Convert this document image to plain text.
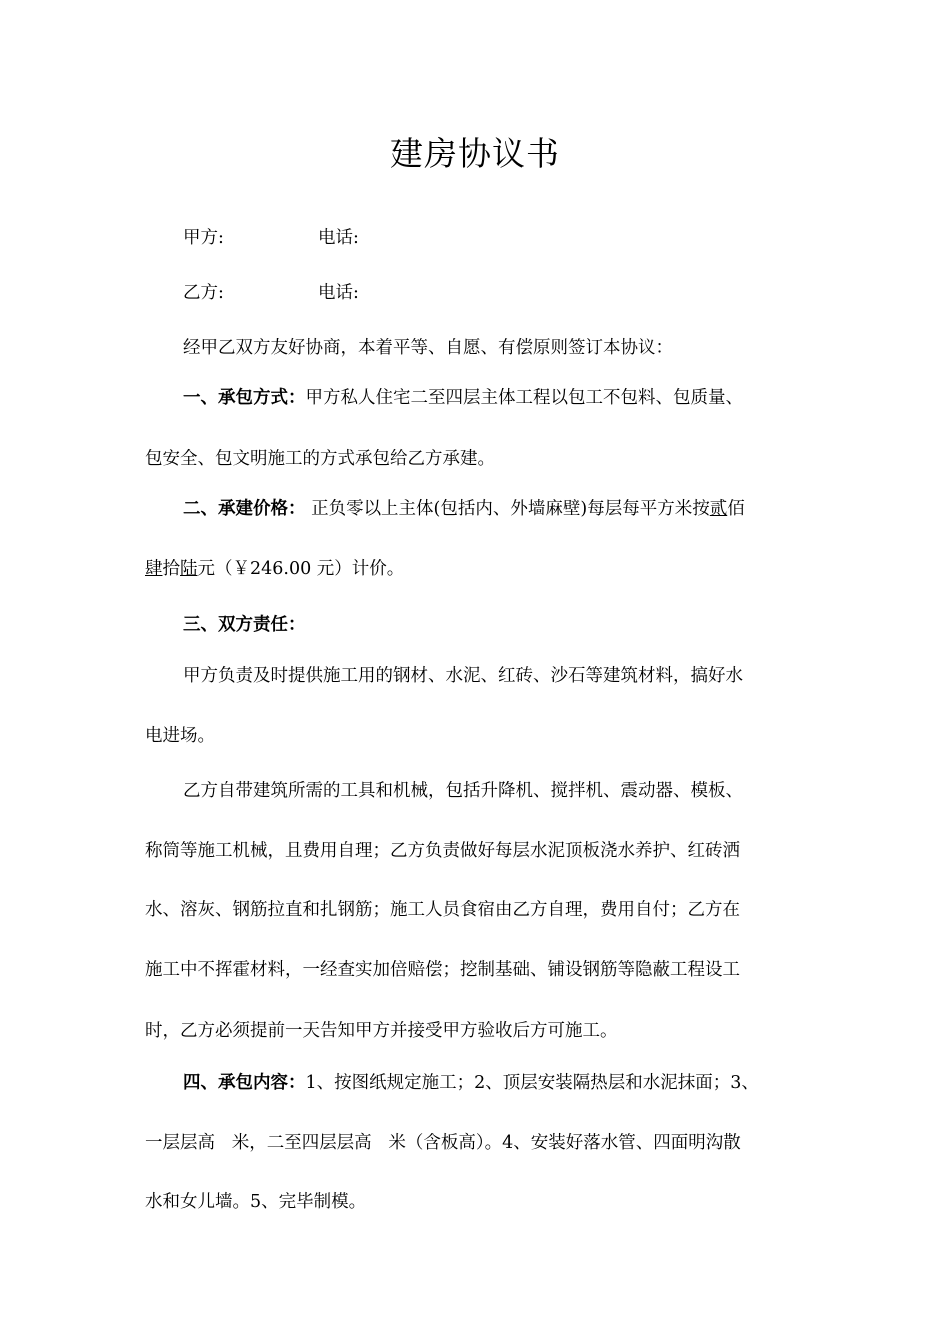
建房协议书
甲方:	电话:
乙方:	电话:
经甲乙双方友好协商，本着平等、自愿、有偿原则签订本协议：
一、承包方式：甲方私人住宅二至四层主体工程以包工不包料、包质量、
包安全、包文明施工的方式承包给乙方承建。
二、承建价格： 正负零以上主体(包括内、外墙麻壁)每层每平方米按贰佰
肆拾陆元（￥246.00 元）计价。
三、双方责任：
甲方负责及时提供施工用的钢材、水泥、红砖、沙石等建筑材料，搞好水
电进场。
乙方自带建筑所需的工具和机械，包括升降机、搅拌机、震动器、模板、
称筒等施工机械，且费用自理；乙方负责做好每层水泥顶板浇水养护、红砖洒
水、溶灰、钢筋拉直和扎钢筋；施工人员食宿由乙方自理，费用自付；乙方在
施工中不挥霍材料，一经查实加倍赔偿；挖制基础、铺设钢筋等隐蔽工程设工
时，乙方必须提前一天告知甲方并接受甲方验收后方可施工。
四、承包内容：1、按图纸规定施工；2、顶层安装隔热层和水泥抹面；3、
一层层高   米，二至四层层高   米（含板高）。4、安装好落水管、四面明沟散
水和女儿墙。5、完毕制模。
